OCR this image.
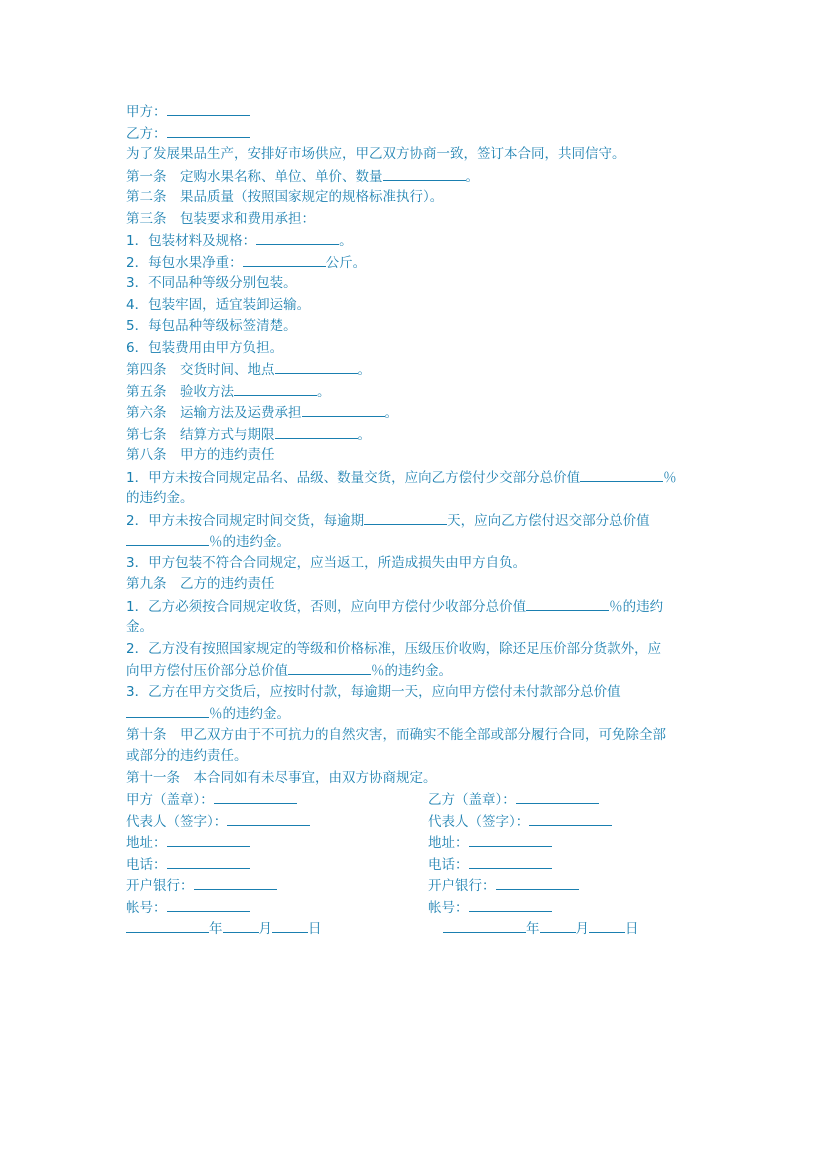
甲方：
乙方：
为了发展果品生产，安排好市场供应，甲乙双方协商一致，签订本合同，共同信守。
第一条　定购水果名称、单位、单价、数量	。
第二条　果品质量（按照国家规定的规格标准执行）。
第三条　包装要求和费用承担：
1．包装材料及规格：	。
2．每包水果净重：	公斤。
3．不同品种等级分别包装。
4．包装牢固，适宜装卸运输。
5．每包品种等级标签清楚。
6．包装费用由甲方负担。
第四条　交货时间、地点	。
第五条　验收方法	。
第六条　运输方法及运费承担	。
第七条　结算方式与期限	。
第八条　甲方的违约责任
1．甲方未按合同规定品名、品级、数量交货，应向乙方偿付少交部分总价值	％
的违约金。
2．甲方未按合同规定时间交货，每逾期	天，应向乙方偿付迟交部分总价值
％的违约金。
3．甲方包装不符合合同规定，应当返工，所造成损失由甲方自负。
第九条　乙方的违约责任
1．乙方必须按合同规定收货，否则，应向甲方偿付少收部分总价值	％的违约
金。
2．乙方没有按照国家规定的等级和价格标准，压级压价收购，除还足压价部分货款外，应
向甲方偿付压价部分总价值	％的违约金。
3．乙方在甲方交货后，应按时付款，每逾期一天，应向甲方偿付未付款部分总价值
％的违约金。
第十条　甲乙双方由于不可抗力的自然灾害，而确实不能全部或部分履行合同，可免除全部
或部分的违约责任。
第十一条　本合同如有未尽事宜，由双方协商规定。
甲方（盖章）：	乙方（盖章）：
代表人（签字）：	代表人（签字）：
地址：	地址：
电话：	电话：
开户银行：	开户银行：
帐号：	帐号：
年	月	日	年	月	日
